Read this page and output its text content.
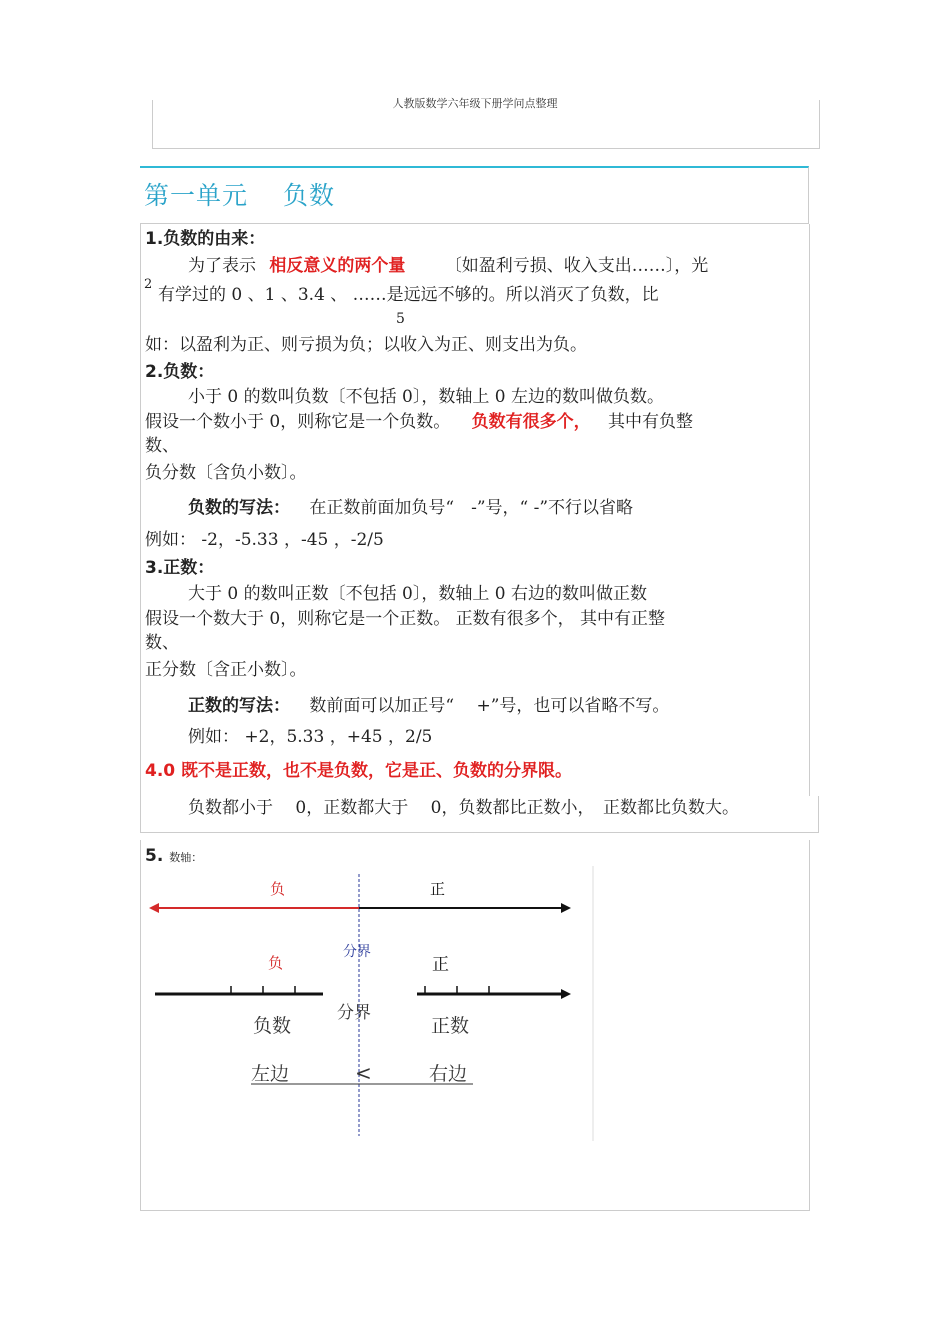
人教版数学六年级下册学问点整理
第一单元　 负数
1.负数的由来：
为了表示 相反意义的两个量 〔如盈利亏损、收入支出……〕，光
2
有学过的 0 、1 、3.4 、 ……是远远不够的。所以消灭了负数，比
5
如：以盈利为正、则亏损为负；以收入为正、则支出为负。
2.负数：
小于 0 的数叫负数〔不包括 0〕，数轴上 0 左边的数叫做负数。
假设一个数小于 0，则称它是一个负数。 负数有很多个， 其中有负整
数、
负分数〔含负小数〕。
负数的写法： 在正数前面加负号“　-”号，“ -”不行以省略
例如： -2，-5.33 ，-45 ，-2/5
3.正数：
大于 0 的数叫正数〔不包括 0〕，数轴上 0 右边的数叫做正数
假设一个数大于 0，则称它是一个正数。 正数有很多个， 其中有正整
数、
正分数〔含正小数〕。
正数的写法： 数前面可以加正号“　 +”号，也可以省略不写。
例如： +2，5.33 ，+45 ，2/5
4.0 既不是正数，也不是负数，它是正、负数的分界限。
负数都小于　 0，正数都大于　 0，负数都比正数小，　正数都比负数大。
5. 数轴：
负	正
分界
负	正
分界
负数	正数
左边	<	右边
